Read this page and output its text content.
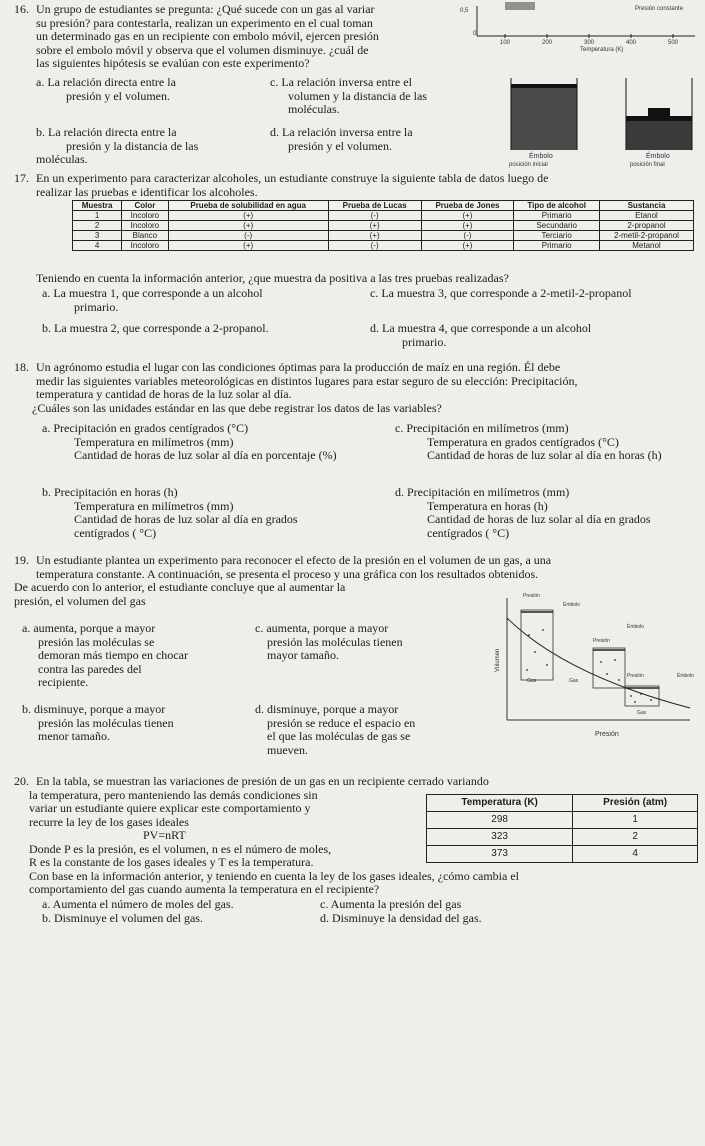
16. Un grupo de estudiantes se pregunta: ¿Qué sucede con un gas al variar
su presión? para contestarla, realizan un experimento en el cual toman
un determinado gas en un recipiente con embolo móvil, ejercen presión
sobre el embolo móvil y observa que el volumen disminuye. ¿cuál de
las siguientes hipótesis se evalúan con este experimento?
0,5
0
Presión constante
100	200	300	400	500
Temperatura (K)
a. La relación directa entre la
presión y el volumen.
c. La relación inversa entre el
volumen y la distancia de las
moléculas.
b. La relación directa entre la
presión y la distancia de las
moléculas.
d. La relación inversa entre la
presión y el volumen.
Émbolo
posición inicial
Émbolo
posición final
17. En un experimento para caracterizar alcoholes, un estudiante construye la siguiente tabla de datos luego de
realizar las pruebas e identificar los alcoholes.
Muestra	Color	Prueba de solubilidad en agua	Prueba de Lucas	Prueba de Jones	Tipo de alcohol	Sustancia
1	Incoloro	(+)	(-)	(+)	Primario	Etanol
2	Incoloro	(+)	(+)	(+)	Secundario	2-propanol
3	Blanco	(-)	(+)	(-)	Terciario	2-metil-2-propanol
4	Incoloro	(+)	(-)	(+)	Primario	Metanol
Teniendo en cuenta la información anterior, ¿que muestra da positiva a las tres pruebas realizadas?
a. La muestra 1, que corresponde a un alcohol
primario.
c. La muestra 3, que corresponde a 2-metil-2-propanol
b. La muestra 2, que corresponde a 2-propanol.	d. La muestra 4, que corresponde a un alcohol
primario.
18. Un agrónomo estudia el lugar con las condiciones óptimas para la producción de maíz en una región. Él debe
medir las siguientes variables meteorológicas en distintos lugares para estar seguro de su elección: Precipitación,
temperatura y cantidad de horas de la luz solar al día.
¿Cuáles son las unidades estándar en las que debe registrar los datos de las variables?
a. Precipitación en grados centígrados (°C)
Temperatura en milímetros (mm)
Cantidad de horas de luz solar al día en porcentaje (%)
c. Precipitación en milímetros (mm)
Temperatura en grados centígrados (°C)
Cantidad de horas de luz solar al día en horas (h)
b. Precipitación en horas (h)
Temperatura en milímetros (mm)
Cantidad de horas de luz solar al día en grados
centígrados ( °C)
d. Precipitación en milímetros (mm)
Temperatura en horas (h)
Cantidad de horas de luz solar al día en grados
centígrados ( °C)
19. Un estudiante plantea un experimento para reconocer el efecto de la presión en el volumen de un gas, a una
temperatura constante. A continuación, se presenta el proceso y una gráfica con los resultados obtenidos.
De acuerdo con lo anterior, el estudiante concluye que al aumentar la
presión, el volumen del gas
a. aumenta, porque a mayor
presión las moléculas se
demoran más tiempo en chocar
contra las paredes del
recipiente.
c. aumenta, porque a mayor
presión las moléculas tienen
mayor tamaño.
b. disminuye, porque a mayor
presión las moléculas tienen
menor tamaño.
d. disminuye, porque a mayor
presión se reduce el espacio en
el que las moléculas de gas se
mueven.
Presión
Volumen
Presión
Émbolo
Gas
Émbolo
Presión
Gas
Presión	Émbolo
Gas
20. En la tabla, se muestran las variaciones de presión de un gas en un recipiente cerrado variando
la temperatura, pero manteniendo las demás condiciones sin
variar un estudiante quiere explicar este comportamiento y
recurre la ley de los gases ideales
PV=nRT
Donde P es la presión, es el volumen, n es el número de moles,
R es la constante de los gases ideales y T es la temperatura.
Con base en la información anterior, y teniendo en cuenta la ley de los gases ideales, ¿cómo cambia el
comportamiento del gas cuando aumenta la temperatura en el recipiente?
Temperatura (K)	Presión (atm)
298	1
323	2
373	4
a. Aumenta el número de moles del gas.	c. Aumenta la presión del gas
b. Disminuye el volumen del gas.	d. Disminuye la densidad del gas.
